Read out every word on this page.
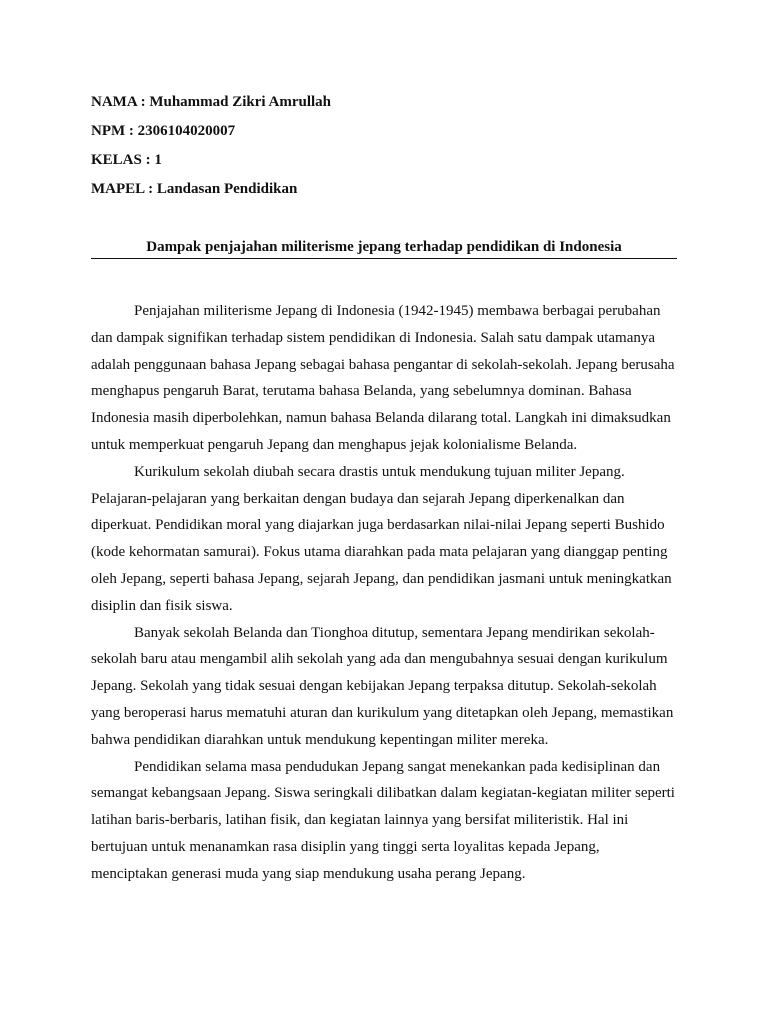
NAMA : Muhammad Zikri Amrullah
NPM : 2306104020007
KELAS : 1
MAPEL : Landasan Pendidikan
Dampak penjajahan militerisme jepang terhadap pendidikan di Indonesia

Penjajahan militerisme Jepang di Indonesia (1942-1945) membawa berbagai perubahan dan dampak signifikan terhadap sistem pendidikan di Indonesia. Salah satu dampak utamanya adalah penggunaan bahasa Jepang sebagai bahasa pengantar di sekolah-sekolah. Jepang berusaha menghapus pengaruh Barat, terutama bahasa Belanda, yang sebelumnya dominan. Bahasa Indonesia masih diperbolehkan, namun bahasa Belanda dilarang total. Langkah ini dimaksudkan untuk memperkuat pengaruh Jepang dan menghapus jejak kolonialisme Belanda.

Kurikulum sekolah diubah secara drastis untuk mendukung tujuan militer Jepang. Pelajaran-pelajaran yang berkaitan dengan budaya dan sejarah Jepang diperkenalkan dan diperkuat. Pendidikan moral yang diajarkan juga berdasarkan nilai-nilai Jepang seperti Bushido (kode kehormatan samurai). Fokus utama diarahkan pada mata pelajaran yang dianggap penting oleh Jepang, seperti bahasa Jepang, sejarah Jepang, dan pendidikan jasmani untuk meningkatkan disiplin dan fisik siswa.

Banyak sekolah Belanda dan Tionghoa ditutup, sementara Jepang mendirikan sekolah-sekolah baru atau mengambil alih sekolah yang ada dan mengubahnya sesuai dengan kurikulum Jepang. Sekolah yang tidak sesuai dengan kebijakan Jepang terpaksa ditutup. Sekolah-sekolah yang beroperasi harus mematuhi aturan dan kurikulum yang ditetapkan oleh Jepang, memastikan bahwa pendidikan diarahkan untuk mendukung kepentingan militer mereka.

Pendidikan selama masa pendudukan Jepang sangat menekankan pada kedisiplinan dan semangat kebangsaan Jepang. Siswa seringkali dilibatkan dalam kegiatan-kegiatan militer seperti latihan baris-berbaris, latihan fisik, dan kegiatan lainnya yang bersifat militeristik. Hal ini bertujuan untuk menanamkan rasa disiplin yang tinggi serta loyalitas kepada Jepang, menciptakan generasi muda yang siap mendukung usaha perang Jepang.
